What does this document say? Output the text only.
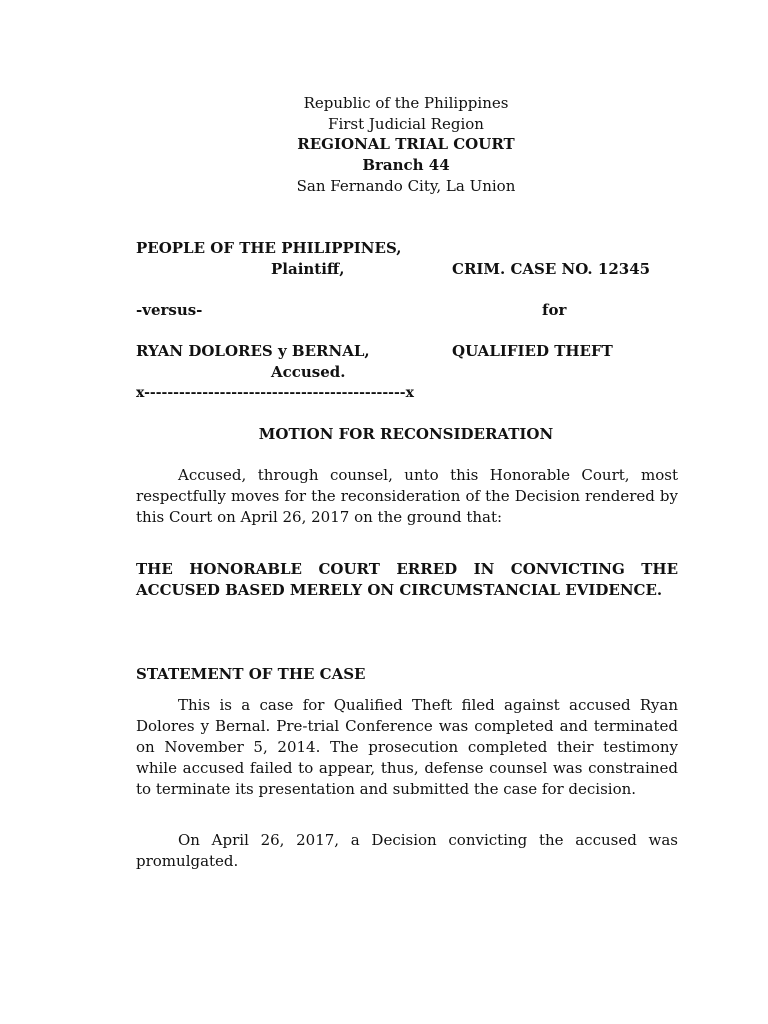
Republic of the Philippines
First Judicial Region
REGIONAL TRIAL COURT
Branch 44
San Fernando City, La Union
PEOPLE OF THE PHILIPPINES,
Plaintiff,	CRIM. CASE NO. 12345
-versus-	for
RYAN DOLORES y BERNAL,	QUALIFIED THEFT
Accused.
x---------------------------------------------x
MOTION FOR RECONSIDERATION
Accused, through counsel, unto this Honorable Court, most respectfully moves for the reconsideration of the Decision rendered by this Court on April 26, 2017 on the ground that:
THE HONORABLE COURT ERRED IN CONVICTING THE ACCUSED BASED MERELY ON CIRCUMSTANCIAL EVIDENCE.
STATEMENT OF THE CASE
This is a case for Qualified Theft filed against accused Ryan Dolores y Bernal. Pre-trial Conference was completed and terminated on November 5, 2014. The prosecution completed their testimony while accused failed to appear, thus, defense counsel was constrained to terminate its presentation and submitted the case for decision.
On April 26, 2017, a Decision convicting the accused was promulgated.
